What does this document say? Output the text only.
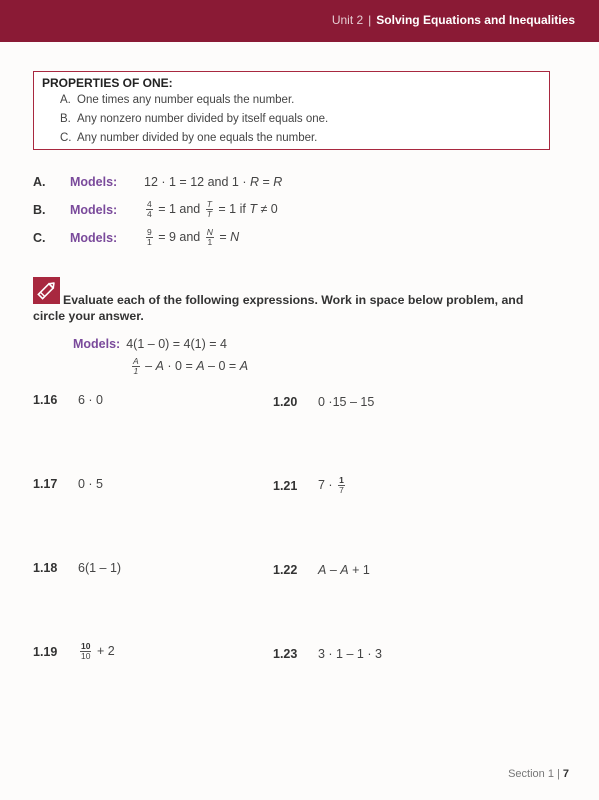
Unit 2 | Solving Equations and Inequalities
PROPERTIES OF ONE:
A. One times any number equals the number.
B. Any nonzero number divided by itself equals one.
C. Any number divided by one equals the number.
A. Models: 12 · 1 = 12 and 1 · R = R
B. Models:	$\frac{4}{4} = 1$ and $\frac{T}{T} = 1$ if T ≠ 0
C. Models:	$\frac{9}{1} = 9$ and $\frac{N}{1} = N$
Evaluate each of the following expressions. Work in space below problem, and
circle your answer.
Models: 4(1 – 0) = 4(1) = 4
$\frac{A}{1} - A \cdot 0 = A - 0 = A$
1.16 6 · 0
1.17 0 · 5
1.18 6(1 – 1)
1.19	$\frac{10}{10} + 2$
1.20 0 ·15 – 15
1.21 $7 \cdot \frac{1}{7}$
1.22 A – A + 1
1.23 3 · 1 – 1 · 3
Section 1 | 7
